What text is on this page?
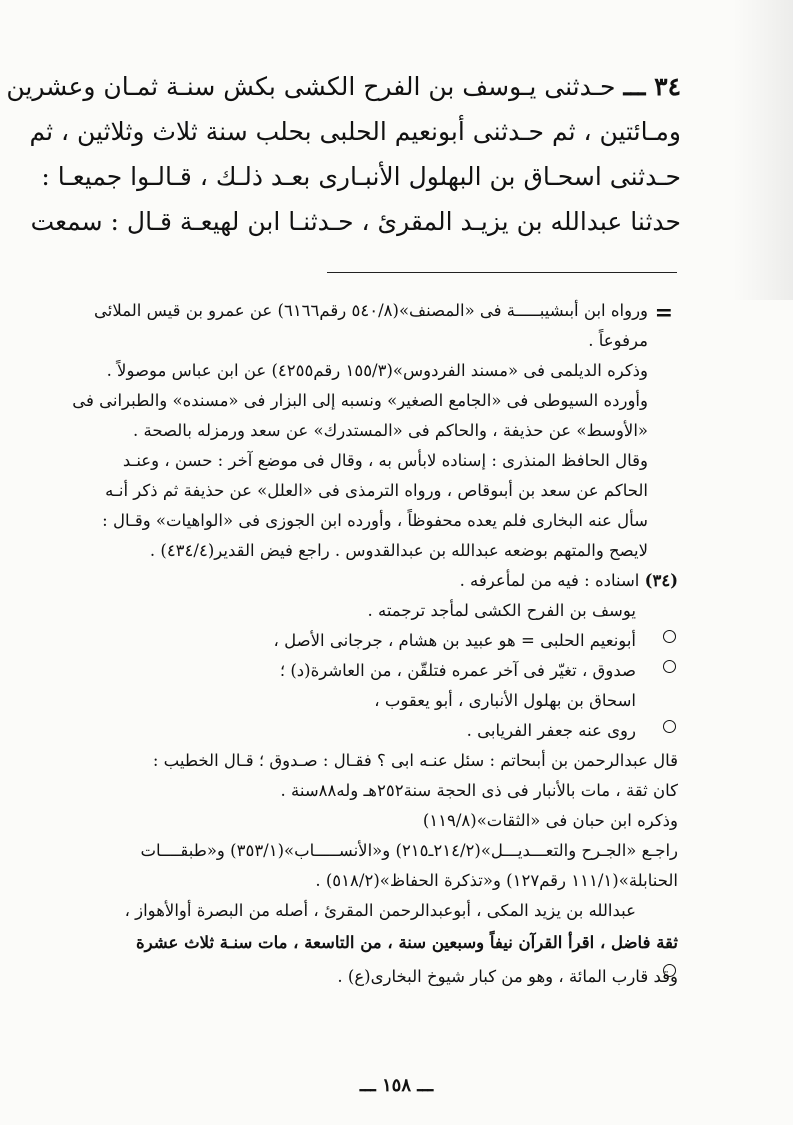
٣٤ ـــ حـدثنى يـوسف بن الفرح الكشى بكش سنـة ثمـان وعشرين
ومـائتين ، ثم حـدثنى أبونعيم الحلبى بحلب سنة ثلاث وثلاثين ، ثم
حـدثنى اسحـاق بن البهلول الأنبـارى بعـد ذلـك ، قـالـوا جميعـا :
حدثنا عبدالله بن يزيـد المقرئ ، حـدثنـا ابن لهيعـة قـال : سمعت
=
ورواه ابن أبىشيبـــــة فى «المصنف»(٥٤٠/٨ رقم٦١٦٦) عن عمرو بن قيس الملائى
مرفوعاً .
وذكره الديلمى فى «مسند الفردوس»(١٥٥/٣ رقم٤٢٥٥) عن ابن عباس موصولاً .
وأورده السيوطى فى «الجامع الصغير» ونسبه إلى البزار فى «مسنده» والطبرانى فى
«الأوسط» عن حذيفة ، والحاكم فى «المستدرك» عن سعد ورمزله بالصحة .
وقال الحافظ المنذرى : إسناده لابأس به ، وقال فى موضع آخر : حسن ، وعنـد
الحاكم عن سعد بن أبىوقاص ، ورواه الترمذى فى «العلل» عن حذيفة ثم ذكر أنـه
سأل عنه البخارى فلم يعده محفوظاً ، وأورده ابن الجوزى فى «الواهيات» وقـال :
لايصح والمتهم بوضعه عبدالله بن عبدالقدوس . راجع فيض القدير(٤٣٤/٤) .
(٣٤) اسناده : فيه من لمأعرفه .
يوسف بن الفرح الكشى لمأجد ترجمته .
أبونعيم الحلبى = هو عبيد بن هشام ، جرجانى الأصل ،
صدوق ، تغيّر فى آخر عمره فتلقّن ، من العاشرة(د) ؛
اسحاق بن بهلول الأنبارى ، أبو يعقوب ،
روى عنه جعفر الفريابى .
قال عبدالرحمن بن أبىحاتم : سئل عنـه ابى ؟ فقـال : صـدوق ؛ قـال الخطيب :
كان ثقة ، مات بالأنبار فى ذى الحجة سنة٢٥٢هـ وله٨٨سنة .
وذكره ابن حبان فى «الثقات»(١١٩/٨)
راجـع «الجـرح والتعـــديـــل»(٢١٤/٢ـ٢١٥) و«الأنســـــاب»(٣٥٣/١) و«طبقــــات
الحنابلة»(١١١/١ رقم١٢٧) و«تذكرة الحفاظ»(٥١٨/٢) .
عبدالله بن يزيد المكى ، أبوعبدالرحمن المقرئ ، أصله من البصرة أوالأهواز ،
ثقة فاضل ، اقرأ القرآن نيفاً وسبعين سنة ، من التاسعة ، مات سنـة ثلاث عشرة
وقد قارب المائة ، وهو من كبار شيوخ البخارى(ع) .
ـــ ١٥٨ ـــ
